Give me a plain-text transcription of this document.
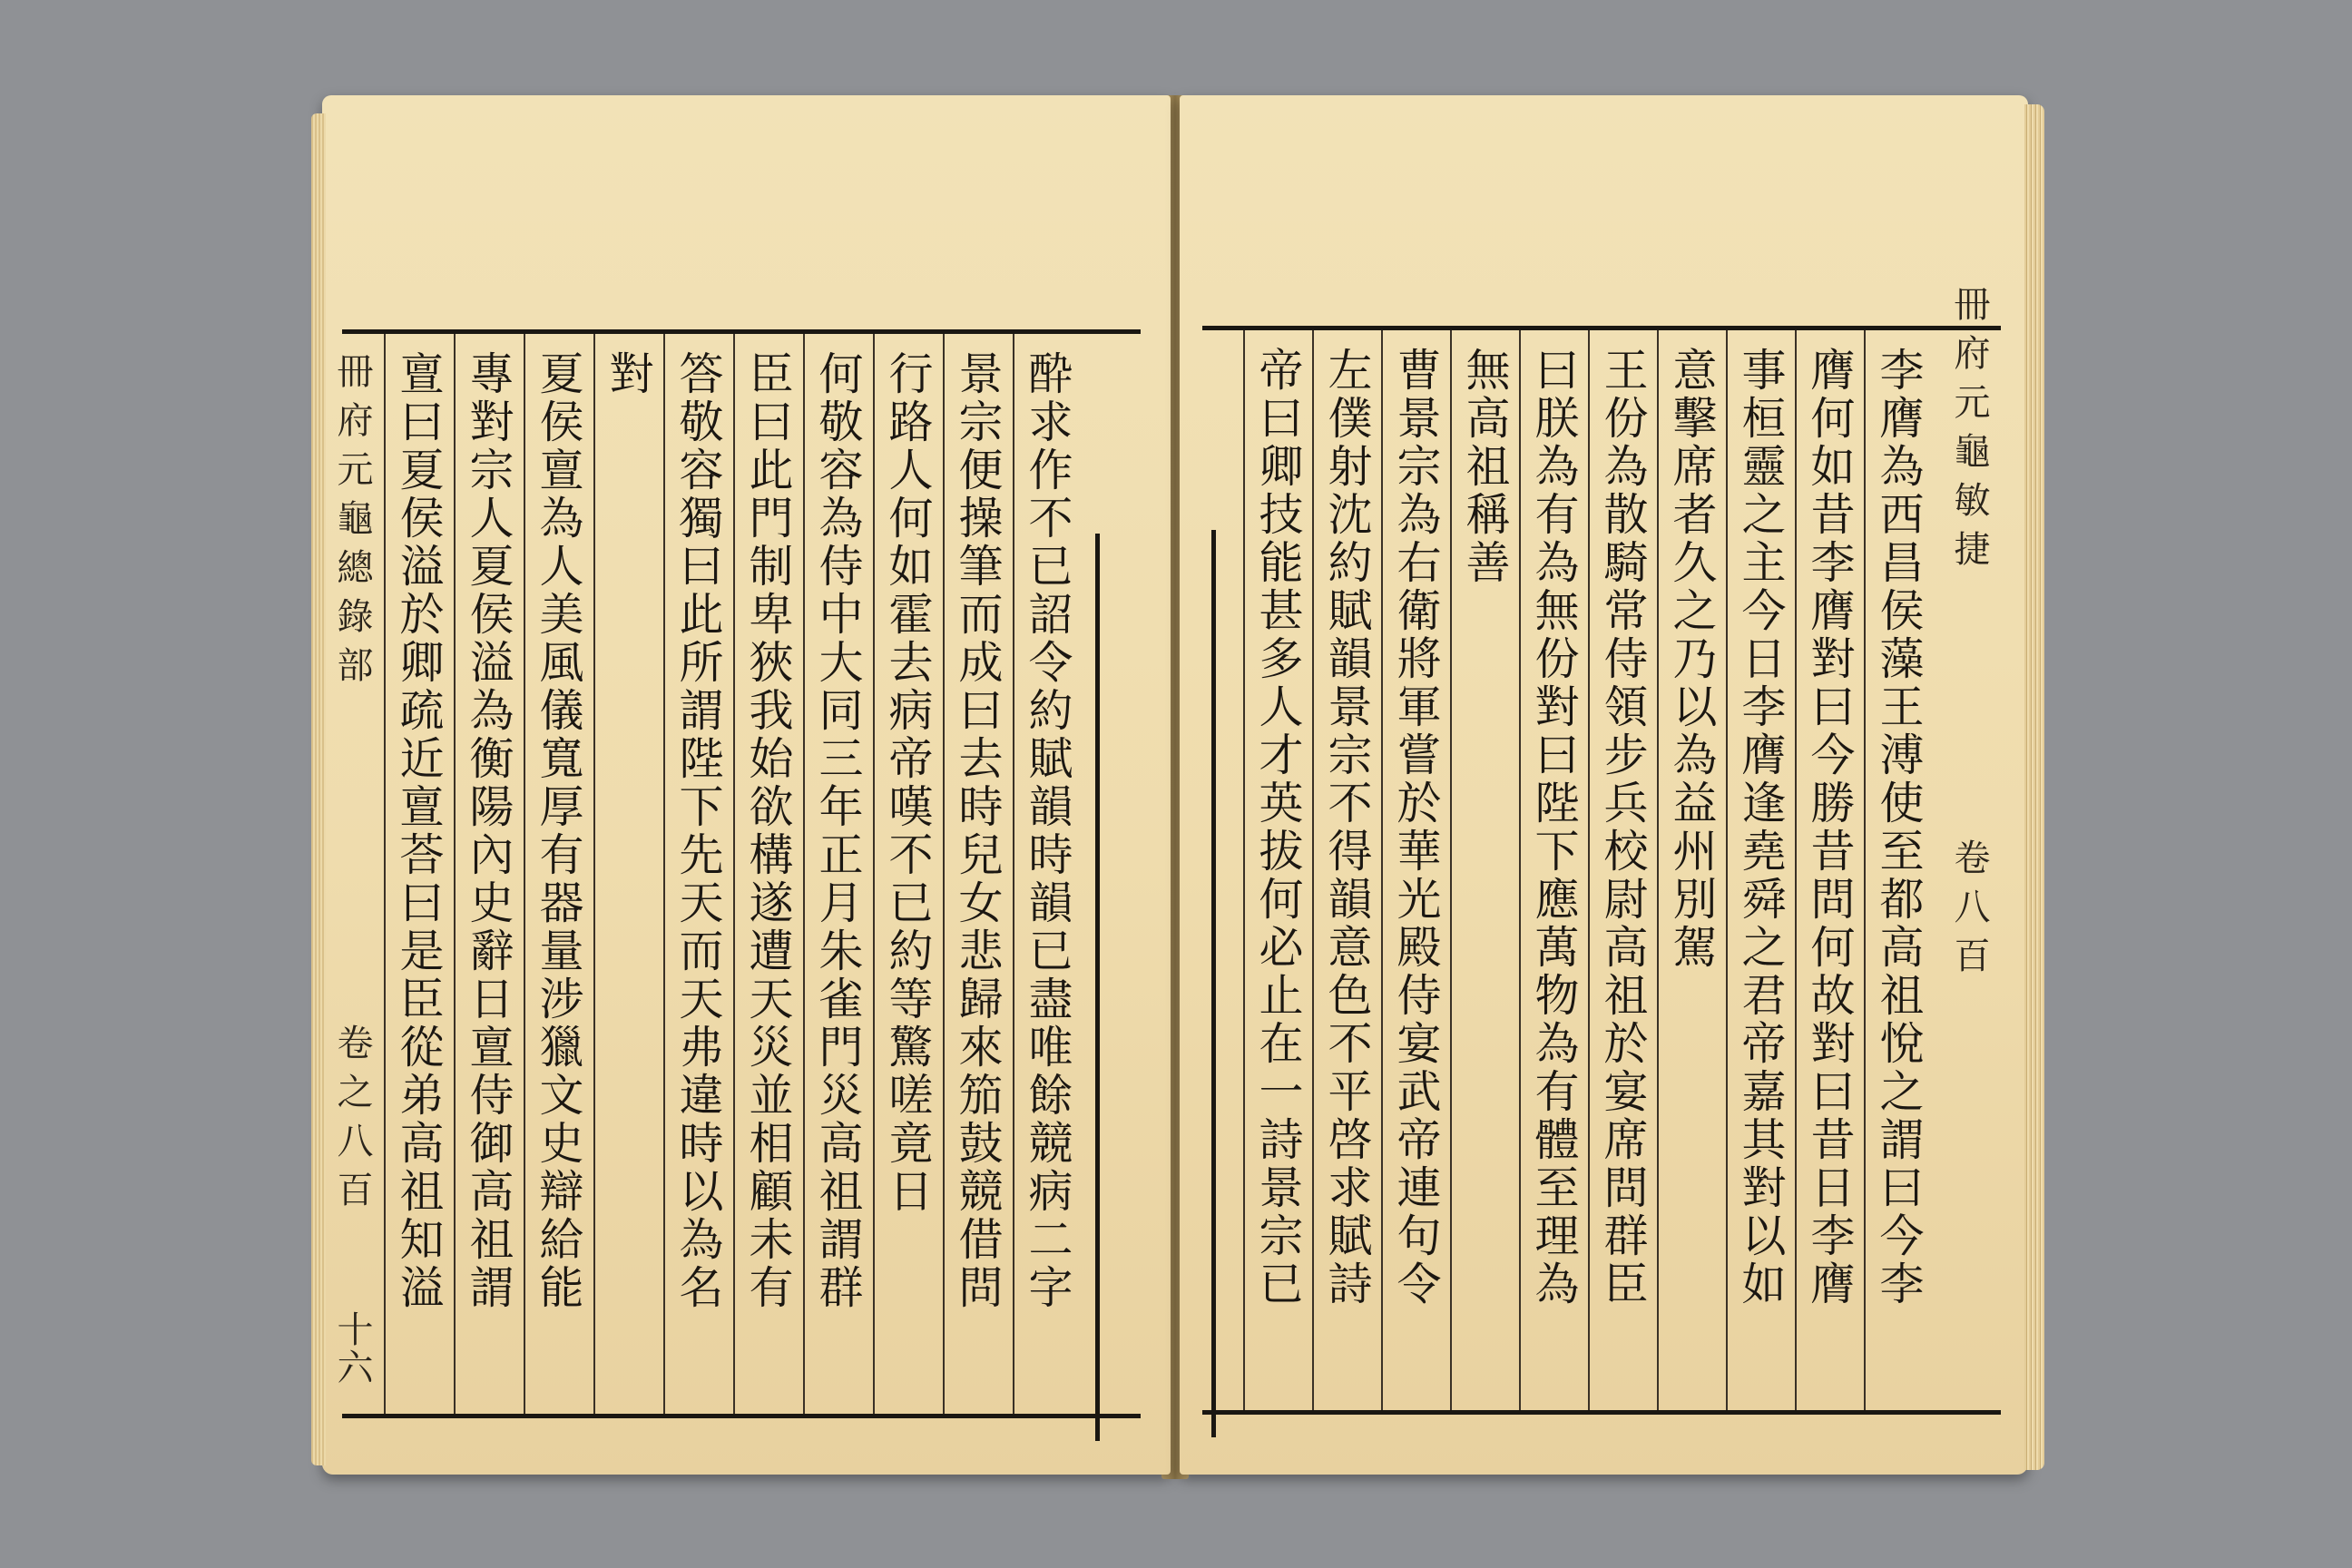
冊府元龜總錄部
卷之八百
十六
酔求作不已詔令約賦韻時韻已盡唯餘競病二字
景宗便操筆而成曰去時兒女悲歸來笳鼓競借問
行路人何如霍去病帝嘆不已約等驚嗟竟日
何敬容為侍中大同三年正月朱雀門災高祖謂群
臣曰此門制卑狹我始欲構遂遭天災並相顧未有
答敬容獨曰此所謂陛下先天而天弗違時以為名
對
夏侯亶為人美風儀寬厚有器量涉獵文史辯給能
專對宗人夏侯溢為衡陽內史辭日亶侍御高祖謂
亶曰夏侯溢於卿疏近亶荅曰是臣從弟高祖知溢	冊府元龜敏捷
卷八百
李膺為西昌侯藻王溥使至都高祖悅之謂曰今李
膺何如昔李膺對曰今勝昔問何故對曰昔日李膺
事桓靈之主今日李膺逢堯舜之君帝嘉其對以如
意擊席者久之乃以為益州別駕
王份為散騎常侍領步兵校尉高祖於宴席問群臣
曰朕為有為無份對曰陛下應萬物為有體至理為
無高祖稱善
曹景宗為右衛將軍嘗於華光殿侍宴武帝連句令
左僕射沈約賦韻景宗不得韻意色不平啓求賦詩
帝曰卿技能甚多人才英拔何必止在一詩景宗已
